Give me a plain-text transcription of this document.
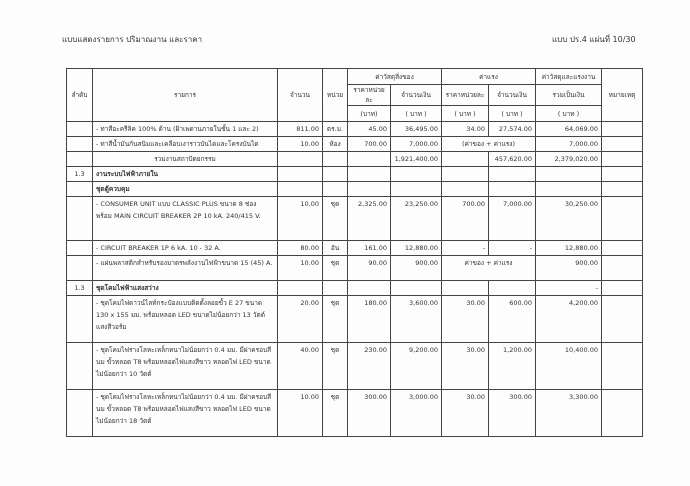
แบบแสดงรายการ ปริมาณงาน และราคา	แบบ ปร.4 แผ่นที่ 10/30
ลำดับ	รายการ	จำนวน	หน่วย	ค่าวัสดุสิ่งของ		ค่าแรง		ค่าวัสดุและแรงงาน	หมายเหตุ
				ราคาหน่วยละ	จำนวนเงิน	ราคาหน่วยละ	จำนวนเงิน	รวมเป็นเงิน	
				(บาท)	( บาท )	( บาท )	( บาท )	( บาท )	
	- ทาสีอะครีลิค 100% ด้าน (ฝ้าเพดานภายในชั้น 1 และ 2)	811.00	ตร.ม.	45.00	36,495.00	34.00	27,574.00	64,069.00	
	- ทาสีน้ำมันกันสนิมและเคลือบเงาราวบันไดและโครงบันได	10.00	ห้อง	700.00	7,000.00	(ค่าของ + ค่าแรง)		7,000.00	
	รวมงานสถาปัตยกรรม				1,921,400.00		457,620.00	2,379,020.00	
1.3	งานระบบไฟฟ้าภายใน								
	ชุดตู้ควบคุม								
	- CONSUMER UNIT แบบ CLASSIC PLUS ขนาด 8 ช่อง พร้อม MAIN CIRCUIT BREAKER 2P 10 kA. 240/415 V.	10.00	ชุด	2,325.00	23,250.00	700.00	7,000.00	30,250.00	
	- CIRCUIT BREAKER 1P 6 kA. 10 - 32 A.	80.00	อัน	161.00	12,880.00	-	-	12,880.00	
	- แผ่นพลาสติกสำหรับรองมาตรพลังงานไฟฟ้าขนาด 15 (45) A.	10.00	ชุด	90.00	900.00	ค่าของ + ค่าแรง		900.00	
1.3	ชุดโคมไฟฟ้าแสงสว่าง							-	
	- ชุดโคมไฟดาวน์ไลท์กระป๋องแบบติดตั้งลอยขั้ว E 27 ขนาด 130 x 155 มม. พร้อมหลอด LED ขนาดไม่น้อยกว่า 13 วัตต์ แสงสีวอร์ม	20.00	ชุด	180.00	3,600.00	30.00	600.00	4,200.00	
	- ชุดโคมไฟรางโลหะเหล็กหนาไม่น้อยกว่า 0.4 มม. มีฝาครอบสีนม ขั้วหลอด T8 พร้อมหลอดไฟแสงสีขาว หลอดไฟ LED ขนาดไม่น้อยกว่า 10 วัตต์	40.00	ชุด	230.00	9,200.00	30.00	1,200.00	10,400.00	
	- ชุดโคมไฟรางโลหะเหล็กหนาไม่น้อยกว่า 0.4 มม. มีฝาครอบสีนม ขั้วหลอด T8 พร้อมหลอดไฟแสงสีขาว หลอดไฟ LED ขนาดไม่น้อยกว่า 18 วัตต์	10.00	ชุด	300.00	3,000.00	30.00	300.00	3,300.00	
